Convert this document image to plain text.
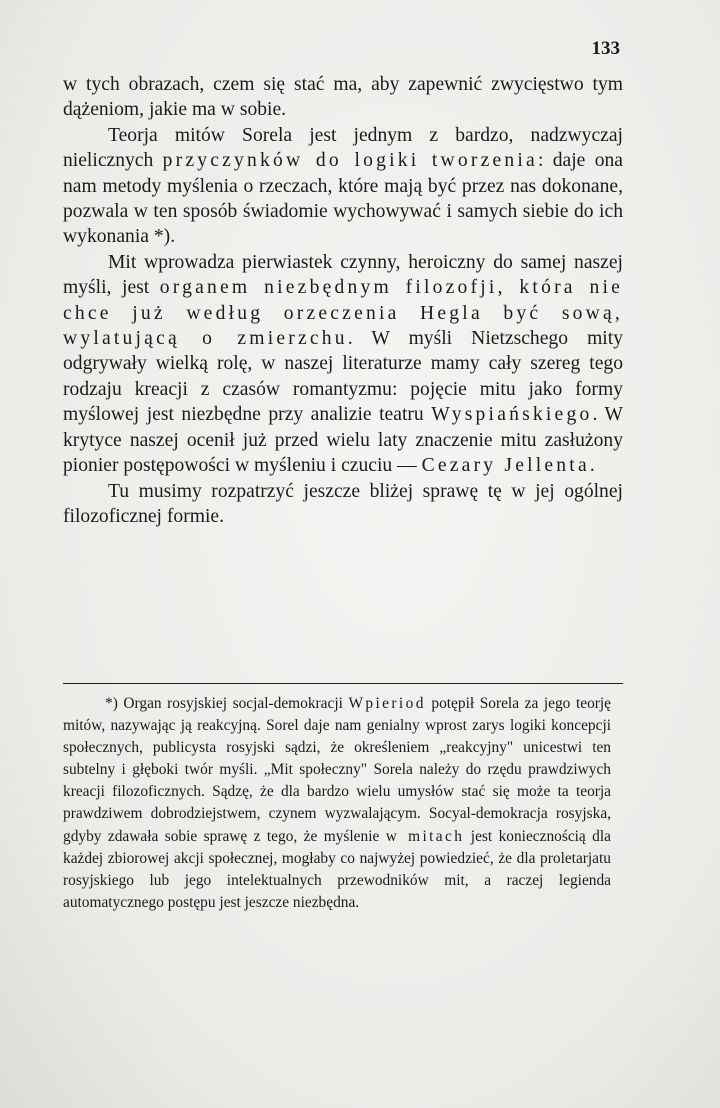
133

w tych obrazach, czem się stać ma, aby zapewnić zwycięstwo tym dążeniom, jakie ma w sobie.

Teorja mitów Sorela jest jednym z bardzo, nadzwyczaj nielicznych przyczynków do logiki tworzenia: daje ona nam metody myślenia o rzeczach, które mają być przez nas dokonane, pozwala w ten sposób świadomie wychowywać i samych siebie do ich wykonania *).

Mit wprowadza pierwiastek czynny, heroiczny do samej naszej myśli, jest organem niezbędnym filozofji, która nie chce już według orzeczenia Hegla być sową, wylatującą o zmierzchu. W myśli Nietzschego mity odgrywały wielką rolę, w naszej literaturze mamy cały szereg tego rodzaju kreacji z czasów romantyzmu: pojęcie mitu jako formy myślowej jest niezbędne przy analizie teatru Wyspiańskiego. W krytyce naszej ocenił już przed wielu laty znaczenie mitu zasłużony pionier postępowości w myśleniu i czuciu — Cezary Jellenta.

Tu musimy rozpatrzyć jeszcze bliżej sprawę tę w jej ogólnej filozoficznej formie.

*) Organ rosyjskiej socjal-demokracji Wpieriod potępił Sorela za jego teorję mitów, nazywając ją reakcyjną. Sorel daje nam genialny wprost zarys logiki koncepcji społecznych, publicysta rosyjski sądzi, że określeniem „reakcyjny" unicestwi ten subtelny i głęboki twór myśli. „Mit społeczny" Sorela należy do rzędu prawdziwych kreacji filozoficznych. Sądzę, że dla bardzo wielu umysłów stać się może ta teorja prawdziwem dobrodziejstwem, czynem wyzwalającym. Socyal-demokracja rosyjska, gdyby zdawała sobie sprawę z tego, że myślenie w mitach jest koniecznością dla każdej zbiorowej akcji społecznej, mogłaby co najwyżej powiedzieć, że dla proletarjatu rosyjskiego lub jego intelektualnych przewodników mit, a raczej legienda automatycznego postępu jest jeszcze niezbędna.
